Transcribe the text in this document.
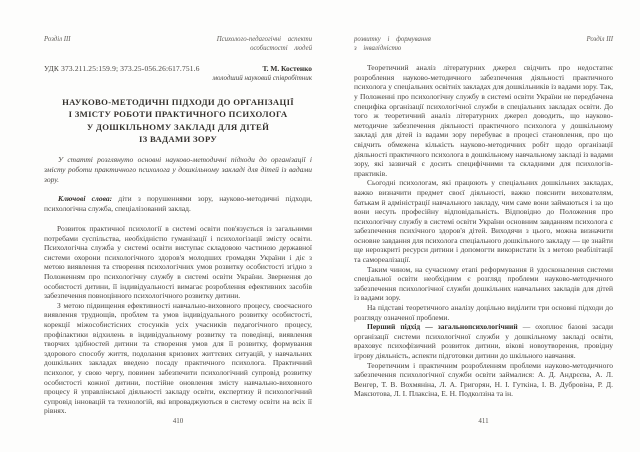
Розділ ІІІ	Психолого-педагогічні аспекти
особистості людей
УДК 373.211.25:159.9; 373.25-056.26:617.751.6	Т. М. Костенко
молодший науковий співробітник
НАУКОВО-МЕТОДИЧНІ ПІДХОДИ ДО ОРГАНІЗАЦІЇ
І ЗМІСТУ РОБОТИ ПРАКТИЧНОГО ПСИХОЛОГА
У ДОШКІЛЬНОМУ ЗАКЛАДІ ДЛЯ ДІТЕЙ
ІЗ ВАДАМИ ЗОРУ

У статті розглянуто основні науково-методичні підходи до організації і змісту роботи практичного психолога у дошкільному закладі для дітей із вадами зору.

Ключові слова: діти з порушеннями зору, науково-методичні підходи, психологічна служба, спеціалізований заклад.

Розвиток практичної психології в системі освіти пов'язується із загальними потребами суспільства, необхідністю гуманізації і психологізації змісту освіти. Психологічна служба у системі освіти виступає складовою частиною державної системи охорони психологічного здоров'я молодших громадян України і діє з метою виявлення та створення психологічних умов розвитку особистості згідно з Положенням про психологічну службу в системі освіти України. Звернення до особистості дитини, її індивідуальності вимагає розроблення ефективних засобів забезпечення повноцінного психологічного розвитку дитини.

З метою підвищення ефективності навчально-виховного процесу, своєчасного виявлення труднощів, проблем та умов індивідуального розвитку особистості, корекції міжособистісних стосунків усіх учасників педагогічного процесу, профілактики відхилень в індивідуальному розвитку та поведінці, виявлення творчих здібностей дитини та створення умов для її розвитку, формування здорового способу життя, подолання кризових життєвих ситуацій, у навчальних дошкільних закладах введено посаду практичного психолога. Практичний психолог, у свою чергу, повинен забезпечити психологічний супровід розвитку особистості кожної дитини, постійне оновлення змісту навчально-виховного процесу й управлінської діяльності закладу освіти, експертизу й психологічний супровід інновацій та технологій, які впроваджуються в систему освіти на всіх її рівнях.

410
розвитку і формування
з інвалідністю
Розділ ІІІ

Теоретичний аналіз літературних джерел свідчить про недостатнє розроблення науково-методичного забезпечення діяльності практичного психолога у спеціальних освітніх закладах для дошкільників із вадами зору. Так, у Положенні про психологічну службу в системі освіти України не передбачена специфіка організації психологічної служби в спеціальних закладах освіти. До того ж теоретичний аналіз літературних джерел доводить, що науково-методичне забезпечення діяльності практичного психолога у дошкільному закладі для дітей із вадами зору перебуває в процесі становлення, про що свідчить обмежена кількість науково-методичних робіт щодо організації діяльності практичного психолога в дошкільному навчальному закладі із вадами зору, які зазвичай є досить специфічними та складними для психологів-практиків.

Сьогодні психологам, які працюють у спеціальних дошкільних закладах, важко визначити предмет своєї діяльності, важко пояснити вихователям, батькам й адміністрації навчального закладу, чим саме вони займаються і за що вони несуть професійну відповідальність. Відповідно до Положення про психологічну службу в системі освіти України основним завданням психолога є забезпечення психічного здоров'я дітей. Виходячи з цього, можна визначити основне завдання для психолога спеціального дошкільного закладу — це знайти ще нерозкриті ресурси дитини і допомогти використати їх з метою реабілітації та самореалізації.

Таким чином, на сучасному етапі реформування й удосконалення системи спеціальної освіти необхідним є розгляд проблеми науково-методичного забезпечення психологічної служби дошкільних навчальних закладів для дітей із вадами зору.

На підставі теоретичного аналізу доцільно виділити три основні підходи до розгляду означеної проблеми.

Перший підхід — загальнопсихологічний — охоплює базові засади організації системи психологічної служби у дошкільному закладі освіти, враховує психофізичний розвиток дитини, вікові новоутворення, провідну ігрову діяльність, аспекти підготовки дитини до шкільного навчання.

Теоретичним і практичним розробленням проблеми науково-методичного забезпечення психологічної служби освіти займалися: А. Д. Андрєєва, А. Л. Венгер, Т. В. Вохмяніна, Л. А. Григорян, Н. І. Гуткіна, І. В. Дубровіна, Р. Д. Максютова, Л. І. Плаксіна, Е. Н. Подколзіна та ін.

411
